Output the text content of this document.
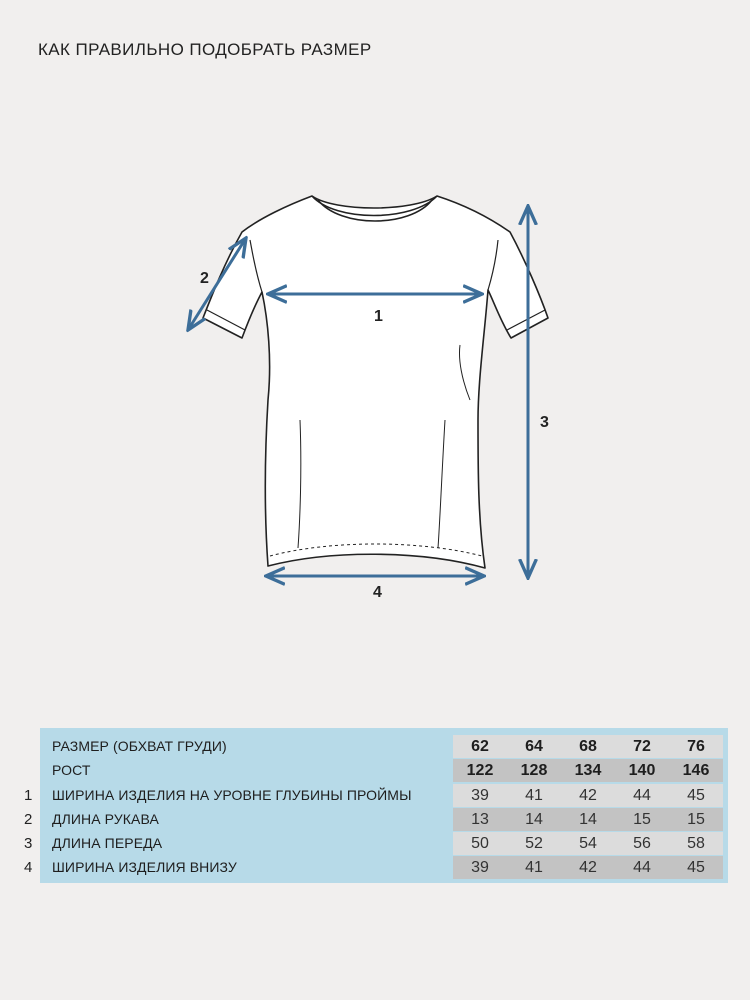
КАК ПРАВИЛЬНО ПОДОБРАТЬ РАЗМЕР
1
2
3
4
РАЗМЕР (ОБХВАТ ГРУДИ)	62	64	68	72	76
РОСТ	122	128	134	140	146
ШИРИНА ИЗДЕЛИЯ НА УРОВНЕ ГЛУБИНЫ ПРОЙМЫ	39	41	42	44	45
ДЛИНА РУКАВА	13	14	14	15	15
ДЛИНА ПЕРЕДА	50	52	54	56	58
ШИРИНА ИЗДЕЛИЯ ВНИЗУ	39	41	42	44	45
1
2
3
4
